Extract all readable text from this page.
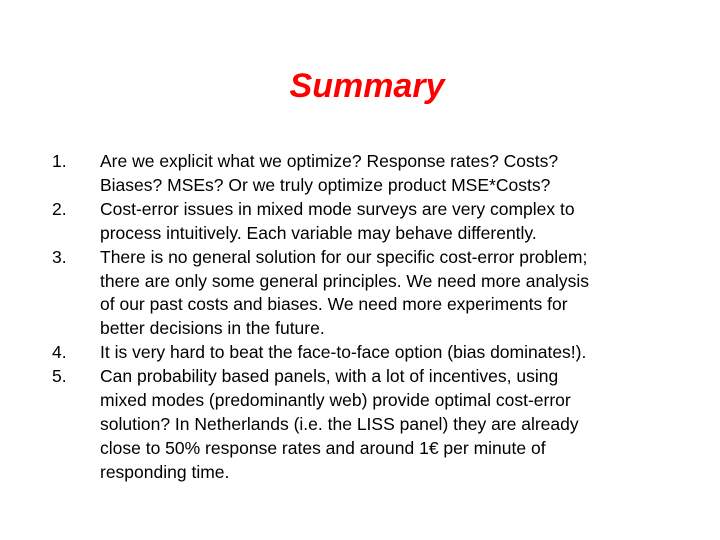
Summary
1.	Are we explicit what we optimize? Response rates? Costs?
Biases? MSEs? Or we truly optimize product MSE*Costs?
2.	Cost-error issues in mixed mode surveys are very complex to
process intuitively. Each variable may behave differently.
3.	There is no general solution for our specific cost-error problem;
there are only some general principles. We need more analysis
of our past costs and biases. We need more experiments for
better decisions in the future.
4.	It is very hard to beat the face-to-face option (bias dominates!).
5.	Can probability based panels, with a lot of incentives, using
mixed modes (predominantly web) provide optimal cost-error
solution? In Netherlands (i.e. the LISS panel) they are already
close to 50% response rates and around 1€ per minute of
responding time.
